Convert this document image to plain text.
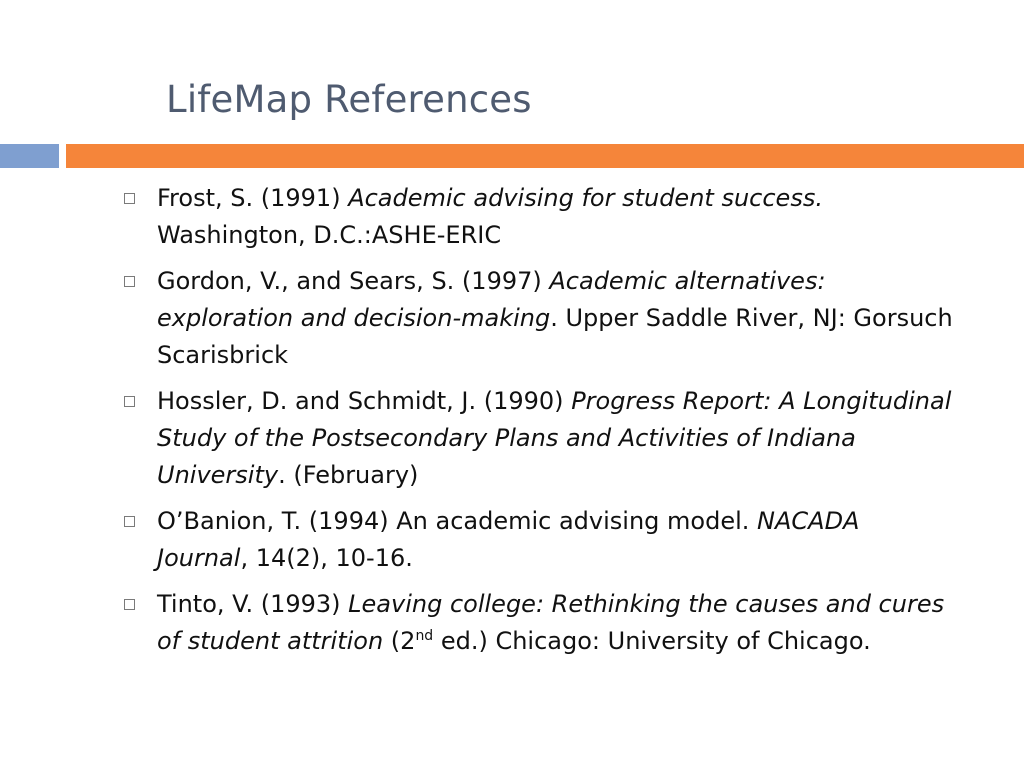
LifeMap References
Frost, S. (1991) Academic advising for student success. Washington, D.C.:ASHE-ERIC
Gordon, V., and Sears, S. (1997) Academic alternatives: exploration and decision-making. Upper Saddle River, NJ: Gorsuch Scarisbrick
Hossler, D. and Schmidt, J. (1990) Progress Report: A Longitudinal Study of the Postsecondary Plans and Activities of Indiana University. (February)
O’Banion, T. (1994) An academic advising model. NACADA Journal, 14(2), 10-16.
Tinto, V. (1993) Leaving college: Rethinking the causes and cures of student attrition (2nd ed.) Chicago: University of Chicago.
